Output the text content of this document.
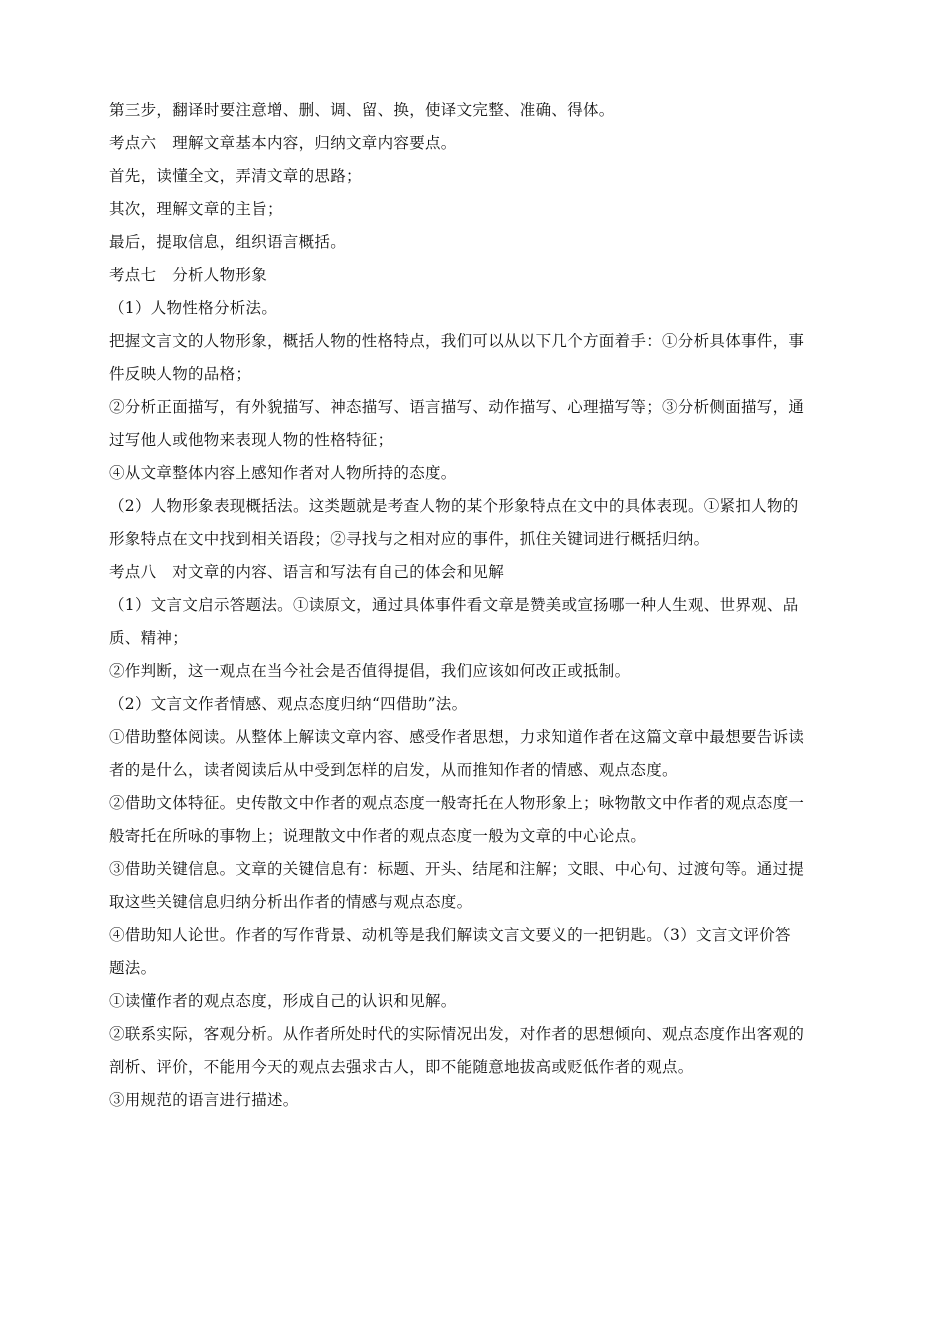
第三步，翻译时要注意增、删、调、留、换，使译文完整、准确、得体。
考点六　理解文章基本内容，归纳文章内容要点。
首先，读懂全文，弄清文章的思路；
其次，理解文章的主旨；
最后，提取信息，组织语言概括。
考点七　分析人物形象
（1）人物性格分析法。
把握文言文的人物形象，概括人物的性格特点，我们可以从以下几个方面着手：①分析具体事件，事
件反映人物的品格；
②分析正面描写，有外貌描写、神态描写、语言描写、动作描写、心理描写等；③分析侧面描写，通
过写他人或他物来表现人物的性格特征；
④从文章整体内容上感知作者对人物所持的态度。
（2）人物形象表现概括法。这类题就是考查人物的某个形象特点在文中的具体表现。①紧扣人物的
形象特点在文中找到相关语段；②寻找与之相对应的事件，抓住关键词进行概括归纳。
考点八　对文章的内容、语言和写法有自己的体会和见解
（1）文言文启示答题法。①读原文，通过具体事件看文章是赞美或宣扬哪一种人生观、世界观、品
质、精神；
②作判断，这一观点在当今社会是否值得提倡，我们应该如何改正或抵制。
（2）文言文作者情感、观点态度归纳“四借助”法。
①借助整体阅读。从整体上解读文章内容、感受作者思想，力求知道作者在这篇文章中最想要告诉读
者的是什么，读者阅读后从中受到怎样的启发，从而推知作者的情感、观点态度。
②借助文体特征。史传散文中作者的观点态度一般寄托在人物形象上；咏物散文中作者的观点态度一
般寄托在所咏的事物上；说理散文中作者的观点态度一般为文章的中心论点。
③借助关键信息。文章的关键信息有：标题、开头、结尾和注解；文眼、中心句、过渡句等。通过提
取这些关键信息归纳分析出作者的情感与观点态度。
④借助知人论世。作者的写作背景、动机等是我们解读文言文要义的一把钥匙。（3）文言文评价答
题法。
①读懂作者的观点态度，形成自己的认识和见解。
②联系实际，客观分析。从作者所处时代的实际情况出发，对作者的思想倾向、观点态度作出客观的
剖析、评价，不能用今天的观点去强求古人，即不能随意地拔高或贬低作者的观点。
③用规范的语言进行描述。
